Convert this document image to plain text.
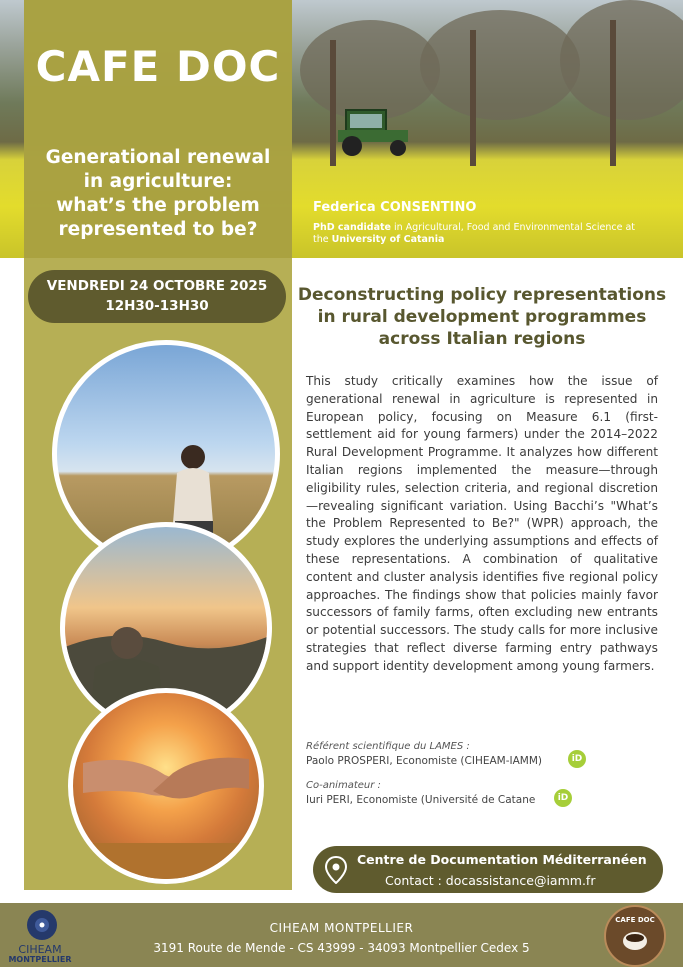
CAFE DOC
Generational renewal
in agriculture:
what’s the problem
represented to be?
Federica CONSENTINO
PhD candidate in Agricultural, Food and Environmental Science at the University of Catania
VENDREDI 24 OCTOBRE 2025
12H30-13H30
Deconstructing policy representations
in rural development programmes
across Italian regions
This study critically examines how the issue of generational renewal in agriculture is represented in European policy, focusing on Measure 6.1 (first-settlement aid for young farmers) under the 2014–2022 Rural Development Programme. It analyzes how different Italian regions implemented the measure—through eligibility rules, selection criteria, and regional discretion—revealing significant variation. Using Bacchi’s "What’s the Problem Represented to Be?" (WPR) approach, the study explores the underlying assumptions and effects of these representations. A combination of qualitative content and cluster analysis identifies five regional policy approaches. The findings show that policies mainly favor successors of family farms, often excluding new entrants or potential successors. The study calls for more inclusive strategies that reflect diverse farming entry pathways and support identity development among young farmers.
Référent scientifique du LAMES :
Paolo PROSPERI, Economiste (CIHEAM-IAMM)	iD
Co-animateur :
Iuri PERI, Economiste (Université de Catane	iD
Centre de Documentation Méditerranéen
Contact : docassistance@iamm.fr
CIHEAM
MONTPELLIER
CIHEAM MONTPELLIER
3191 Route de Mende - CS 43999 - 34093 Montpellier Cedex 5
CAFE DOC
